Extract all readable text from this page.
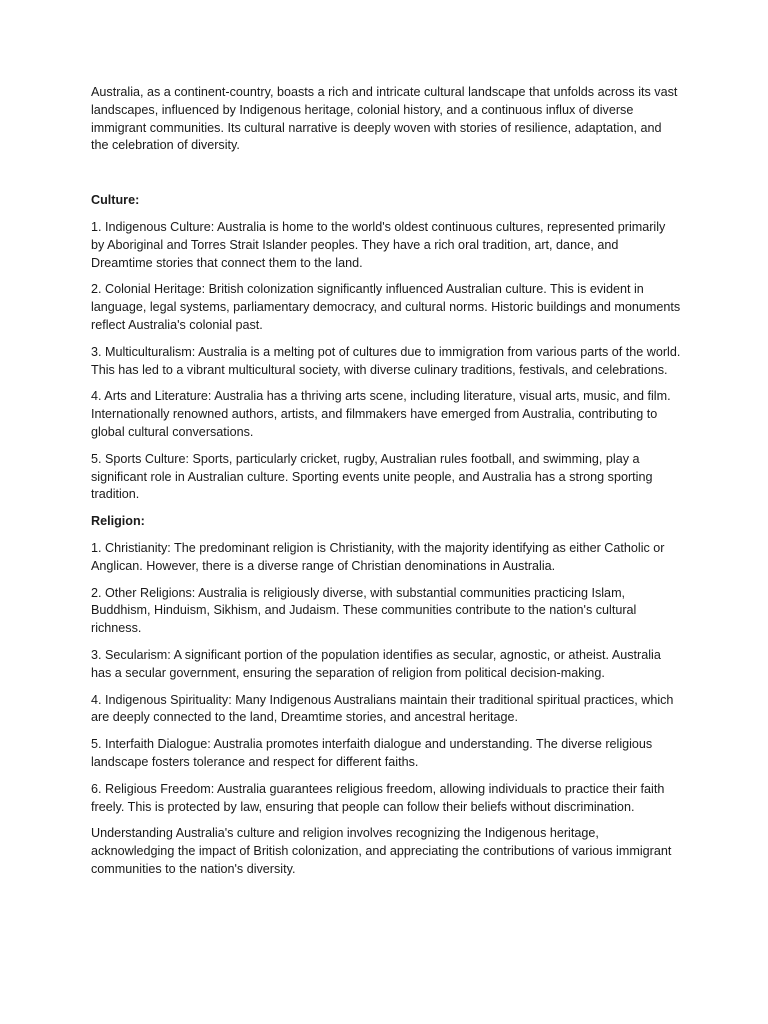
Australia, as a continent-country, boasts a rich and intricate cultural landscape that unfolds across its vast landscapes, influenced by Indigenous heritage, colonial history, and a continuous influx of diverse immigrant communities. Its cultural narrative is deeply woven with stories of resilience, adaptation, and the celebration of diversity.

Culture:

1. Indigenous Culture: Australia is home to the world's oldest continuous cultures, represented primarily by Aboriginal and Torres Strait Islander peoples. They have a rich oral tradition, art, dance, and Dreamtime stories that connect them to the land.

2. Colonial Heritage: British colonization significantly influenced Australian culture. This is evident in language, legal systems, parliamentary democracy, and cultural norms. Historic buildings and monuments reflect Australia's colonial past.

3. Multiculturalism: Australia is a melting pot of cultures due to immigration from various parts of the world. This has led to a vibrant multicultural society, with diverse culinary traditions, festivals, and celebrations.

4. Arts and Literature: Australia has a thriving arts scene, including literature, visual arts, music, and film. Internationally renowned authors, artists, and filmmakers have emerged from Australia, contributing to global cultural conversations.

5. Sports Culture: Sports, particularly cricket, rugby, Australian rules football, and swimming, play a significant role in Australian culture. Sporting events unite people, and Australia has a strong sporting tradition.

Religion:

1. Christianity: The predominant religion is Christianity, with the majority identifying as either Catholic or Anglican. However, there is a diverse range of Christian denominations in Australia.

2. Other Religions: Australia is religiously diverse, with substantial communities practicing Islam, Buddhism, Hinduism, Sikhism, and Judaism. These communities contribute to the nation's cultural richness.

3. Secularism: A significant portion of the population identifies as secular, agnostic, or atheist. Australia has a secular government, ensuring the separation of religion from political decision-making.

4. Indigenous Spirituality: Many Indigenous Australians maintain their traditional spiritual practices, which are deeply connected to the land, Dreamtime stories, and ancestral heritage.

5. Interfaith Dialogue: Australia promotes interfaith dialogue and understanding. The diverse religious landscape fosters tolerance and respect for different faiths.

6. Religious Freedom: Australia guarantees religious freedom, allowing individuals to practice their faith freely. This is protected by law, ensuring that people can follow their beliefs without discrimination.

Understanding Australia's culture and religion involves recognizing the Indigenous heritage, acknowledging the impact of British colonization, and appreciating the contributions of various immigrant communities to the nation's diversity.
